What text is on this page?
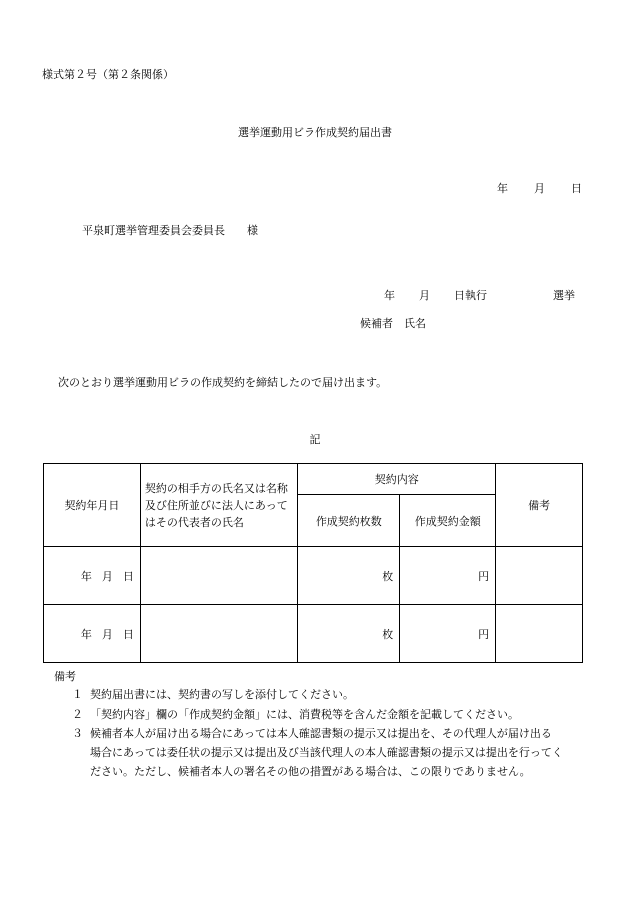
様式第２号（第２条関係）
選挙運動用ビラ作成契約届出書
年 月 日
平泉町選挙管理委員会委員長　　様
年 月 日執行	選挙
候補者　氏名
次のとおり選挙運動用ビラの作成契約を締結したので届け出ます。
記
契約年月日	契約の相手方の氏名又は名称及び住所並びに法人にあってはその代表者の氏名	契約内容		備考
		作成契約枚数	作成契約金額	
年 月 日		枚	円	
年 月 日		枚	円	
備考
１ 契約届出書には、契約書の写しを添付してください。
２ 「契約内容」欄の「作成契約金額」には、消費税等を含んだ金額を記載してください。
３ 候補者本人が届け出る場合にあっては本人確認書類の提示又は提出を、その代理人が届け出る
場合にあっては委任状の提示又は提出及び当該代理人の本人確認書類の提示又は提出を行ってく
ださい。ただし、候補者本人の署名その他の措置がある場合は、この限りでありません。
